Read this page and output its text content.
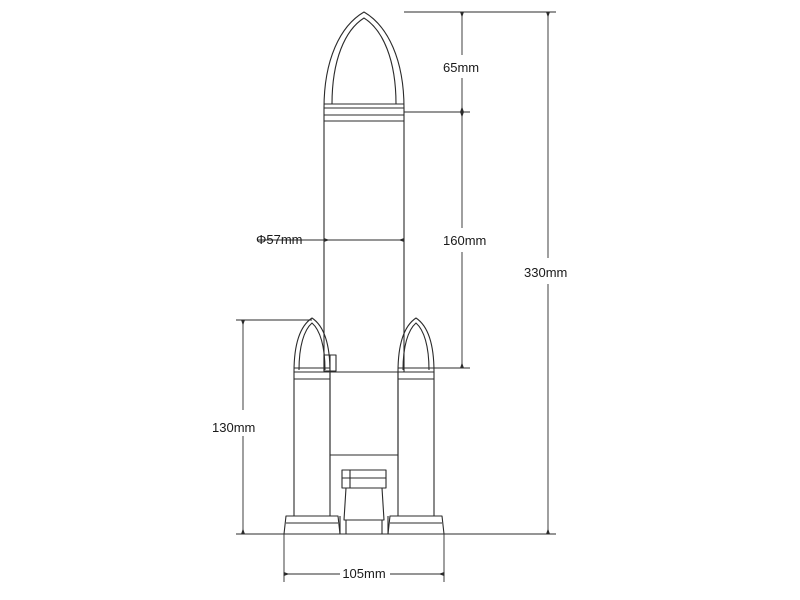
65mm
160mm
Φ57mm
330mm
130mm
105mm
